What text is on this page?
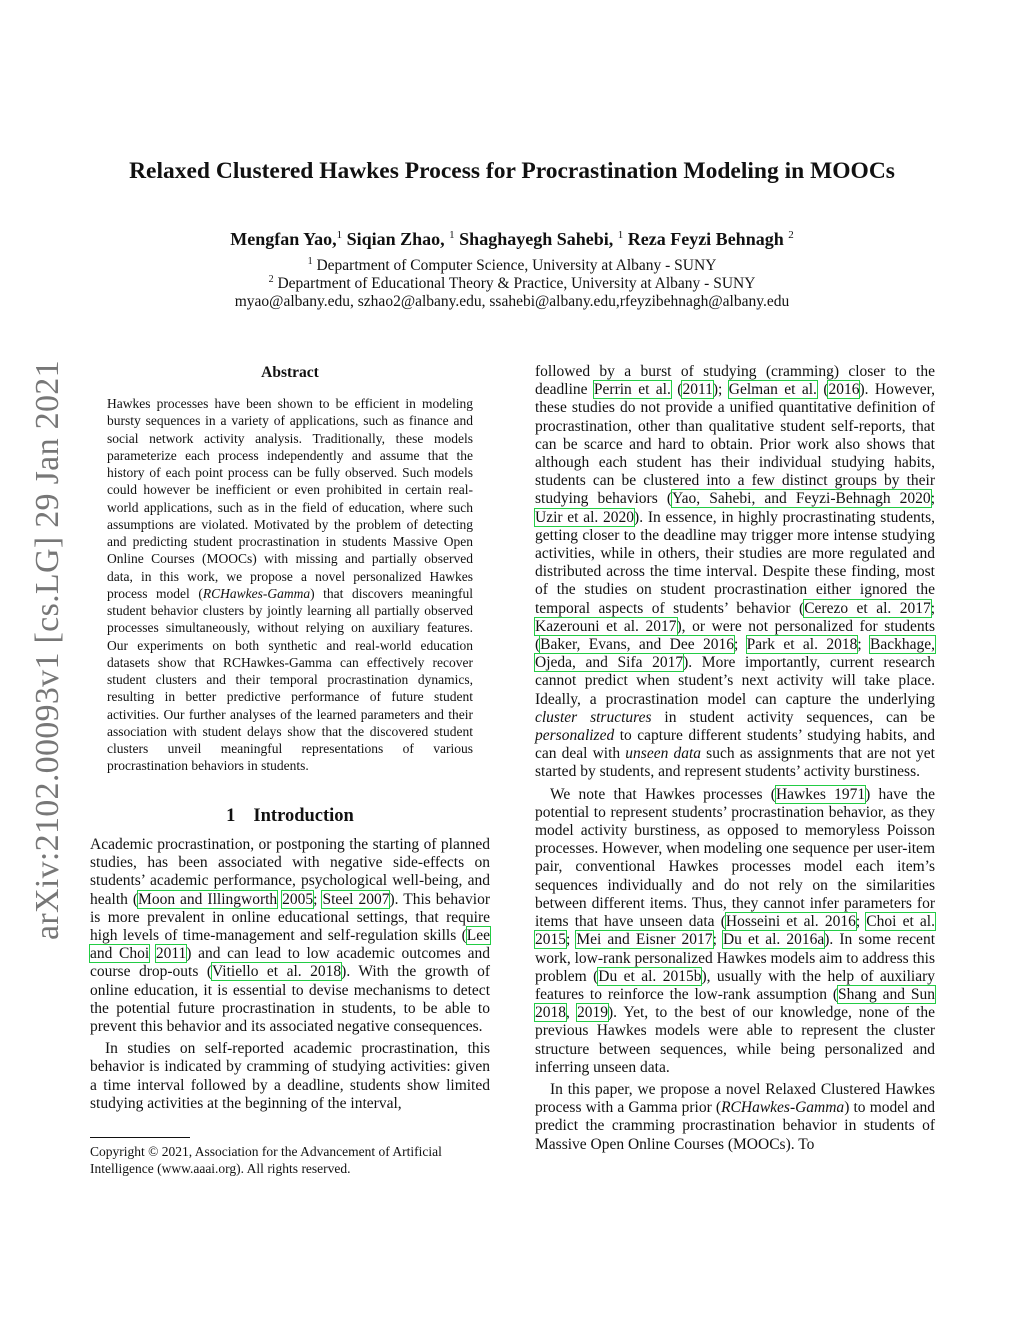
arXiv:2102.00093v1 [cs.LG] 29 Jan 2021
Relaxed Clustered Hawkes Process for Procrastination Modeling in MOOCs
Mengfan Yao,$^1$ Siqian Zhao, $^1$ Shaghayegh Sahebi, $^1$ Reza Feyzi Behnagh $^2$
$^1$ Department of Computer Science, University at Albany - SUNY
$^2$ Department of Educational Theory & Practice, University at Albany - SUNY
myao@albany.edu, szhao2@albany.edu, ssahebi@albany.edu,rfeyzibehnagh@albany.edu
Abstract
Hawkes processes have been shown to be efficient in modeling bursty sequences in a variety of applications, such as finance and social network activity analysis. Traditionally, these models parameterize each process independently and assume that the history of each point process can be fully observed. Such models could however be inefficient or even prohibited in certain real-world applications, such as in the field of education, where such assumptions are violated. Motivated by the problem of detecting and predicting student procrastination in students Massive Open Online Courses (MOOCs) with missing and partially observed data, in this work, we propose a novel personalized Hawkes process model (RCHawkes-Gamma) that discovers meaningful student behavior clusters by jointly learning all partially observed processes simultaneously, without relying on auxiliary features. Our experiments on both synthetic and real-world education datasets show that RCHawkes-Gamma can effectively recover student clusters and their temporal procrastination dynamics, resulting in better predictive performance of future student activities. Our further analyses of the learned parameters and their association with student delays show that the discovered student clusters unveil meaningful representations of various procrastination behaviors in students.
1 Introduction

Academic procrastination, or postponing the starting of planned studies, has been associated with negative side-effects on students’ academic performance, psychological well-being, and health (Moon and Illingworth 2005; Steel 2007). This behavior is more prevalent in online educational settings, that require high levels of time-management and self-regulation skills (Lee and Choi 2011) and can lead to low academic outcomes and course drop-outs (Vitiello et al. 2018). With the growth of online education, it is essential to devise mechanisms to detect the potential future procrastination in students, to be able to prevent this behavior and its associated negative consequences.

In studies on self-reported academic procrastination, this behavior is indicated by cramming of studying activities: given a time interval followed by a deadline, students show limited studying activities at the beginning of the interval,

Copyright © 2021, Association for the Advancement of Artificial Intelligence (www.aaai.org). All rights reserved.

followed by a burst of studying (cramming) closer to the deadline Perrin et al. (2011); Gelman et al. (2016). However, these studies do not provide a unified quantitative definition of procrastination, other than qualitative student self-reports, that can be scarce and hard to obtain. Prior work also shows that although each student has their individual studying habits, students can be clustered into a few distinct groups by their studying behaviors (Yao, Sahebi, and Feyzi-Behnagh 2020; Uzir et al. 2020). In essence, in highly procrastinating students, getting closer to the deadline may trigger more intense studying activities, while in others, their studies are more regulated and distributed across the time interval. Despite these finding, most of the studies on student procrastination either ignored the temporal aspects of students’ behavior (Cerezo et al. 2017; Kazerouni et al. 2017), or were not personalized for students (Baker, Evans, and Dee 2016; Park et al. 2018; Backhage, Ojeda, and Sifa 2017). More importantly, current research cannot predict when student’s next activity will take place. Ideally, a procrastination model can capture the underlying cluster structures in student activity sequences, can be personalized to capture different students’ studying habits, and can deal with unseen data such as assignments that are not yet started by students, and represent students’ activity burstiness.

We note that Hawkes processes (Hawkes 1971) have the potential to represent students’ procrastination behavior, as they model activity burstiness, as opposed to memoryless Poisson processes. However, when modeling one sequence per user-item pair, conventional Hawkes processes model each item’s sequences individually and do not rely on the similarities between different items. Thus, they cannot infer parameters for items that have unseen data (Hosseini et al. 2016; Choi et al. 2015; Mei and Eisner 2017; Du et al. 2016a). In some recent work, low-rank personalized Hawkes models aim to address this problem (Du et al. 2015b), usually with the help of auxiliary features to reinforce the low-rank assumption (Shang and Sun 2018, 2019). Yet, to the best of our knowledge, none of the previous Hawkes models were able to represent the cluster structure between sequences, while being personalized and inferring unseen data.

In this paper, we propose a novel Relaxed Clustered Hawkes process with a Gamma prior (RCHawkes-Gamma) to model and predict the cramming procrastination behavior in students of Massive Open Online Courses (MOOCs). To
